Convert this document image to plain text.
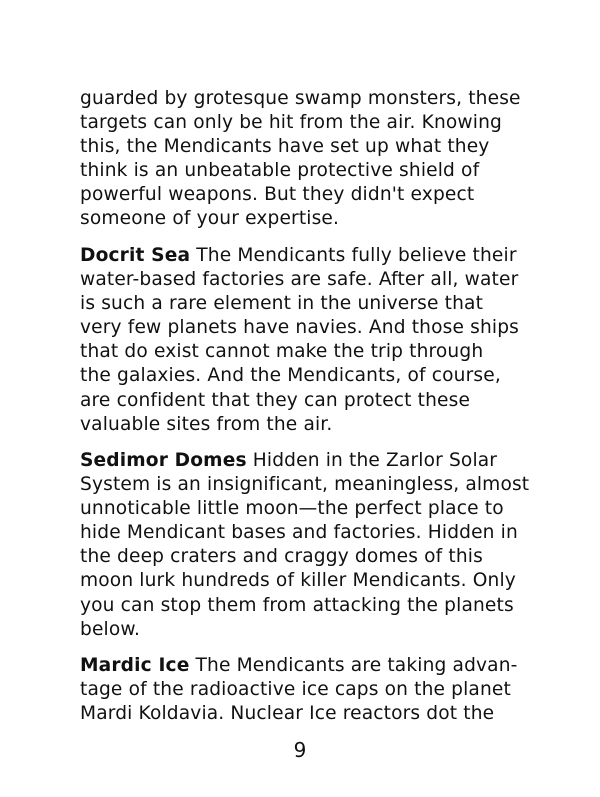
guarded by grotesque swamp monsters, these
targets can only be hit from the air. Knowing
this, the Mendicants have set up what they
think is an unbeatable protective shield of
powerful weapons. But they didn't expect
someone of your expertise.

Docrit Sea The Mendicants fully believe their
water-based factories are safe. After all, water
is such a rare element in the universe that
very few planets have navies. And those ships
that do exist cannot make the trip through
the galaxies. And the Mendicants, of course,
are confident that they can protect these
valuable sites from the air.

Sedimor Domes Hidden in the Zarlor Solar
System is an insignificant, meaningless, almost
unnoticable little moon—the perfect place to
hide Mendicant bases and factories. Hidden in
the deep craters and craggy domes of this
moon lurk hundreds of killer Mendicants. Only
you can stop them from attacking the planets
below.

Mardic Ice The Mendicants are taking advan-
tage of the radioactive ice caps on the planet
Mardi Koldavia. Nuclear Ice reactors dot the

9
